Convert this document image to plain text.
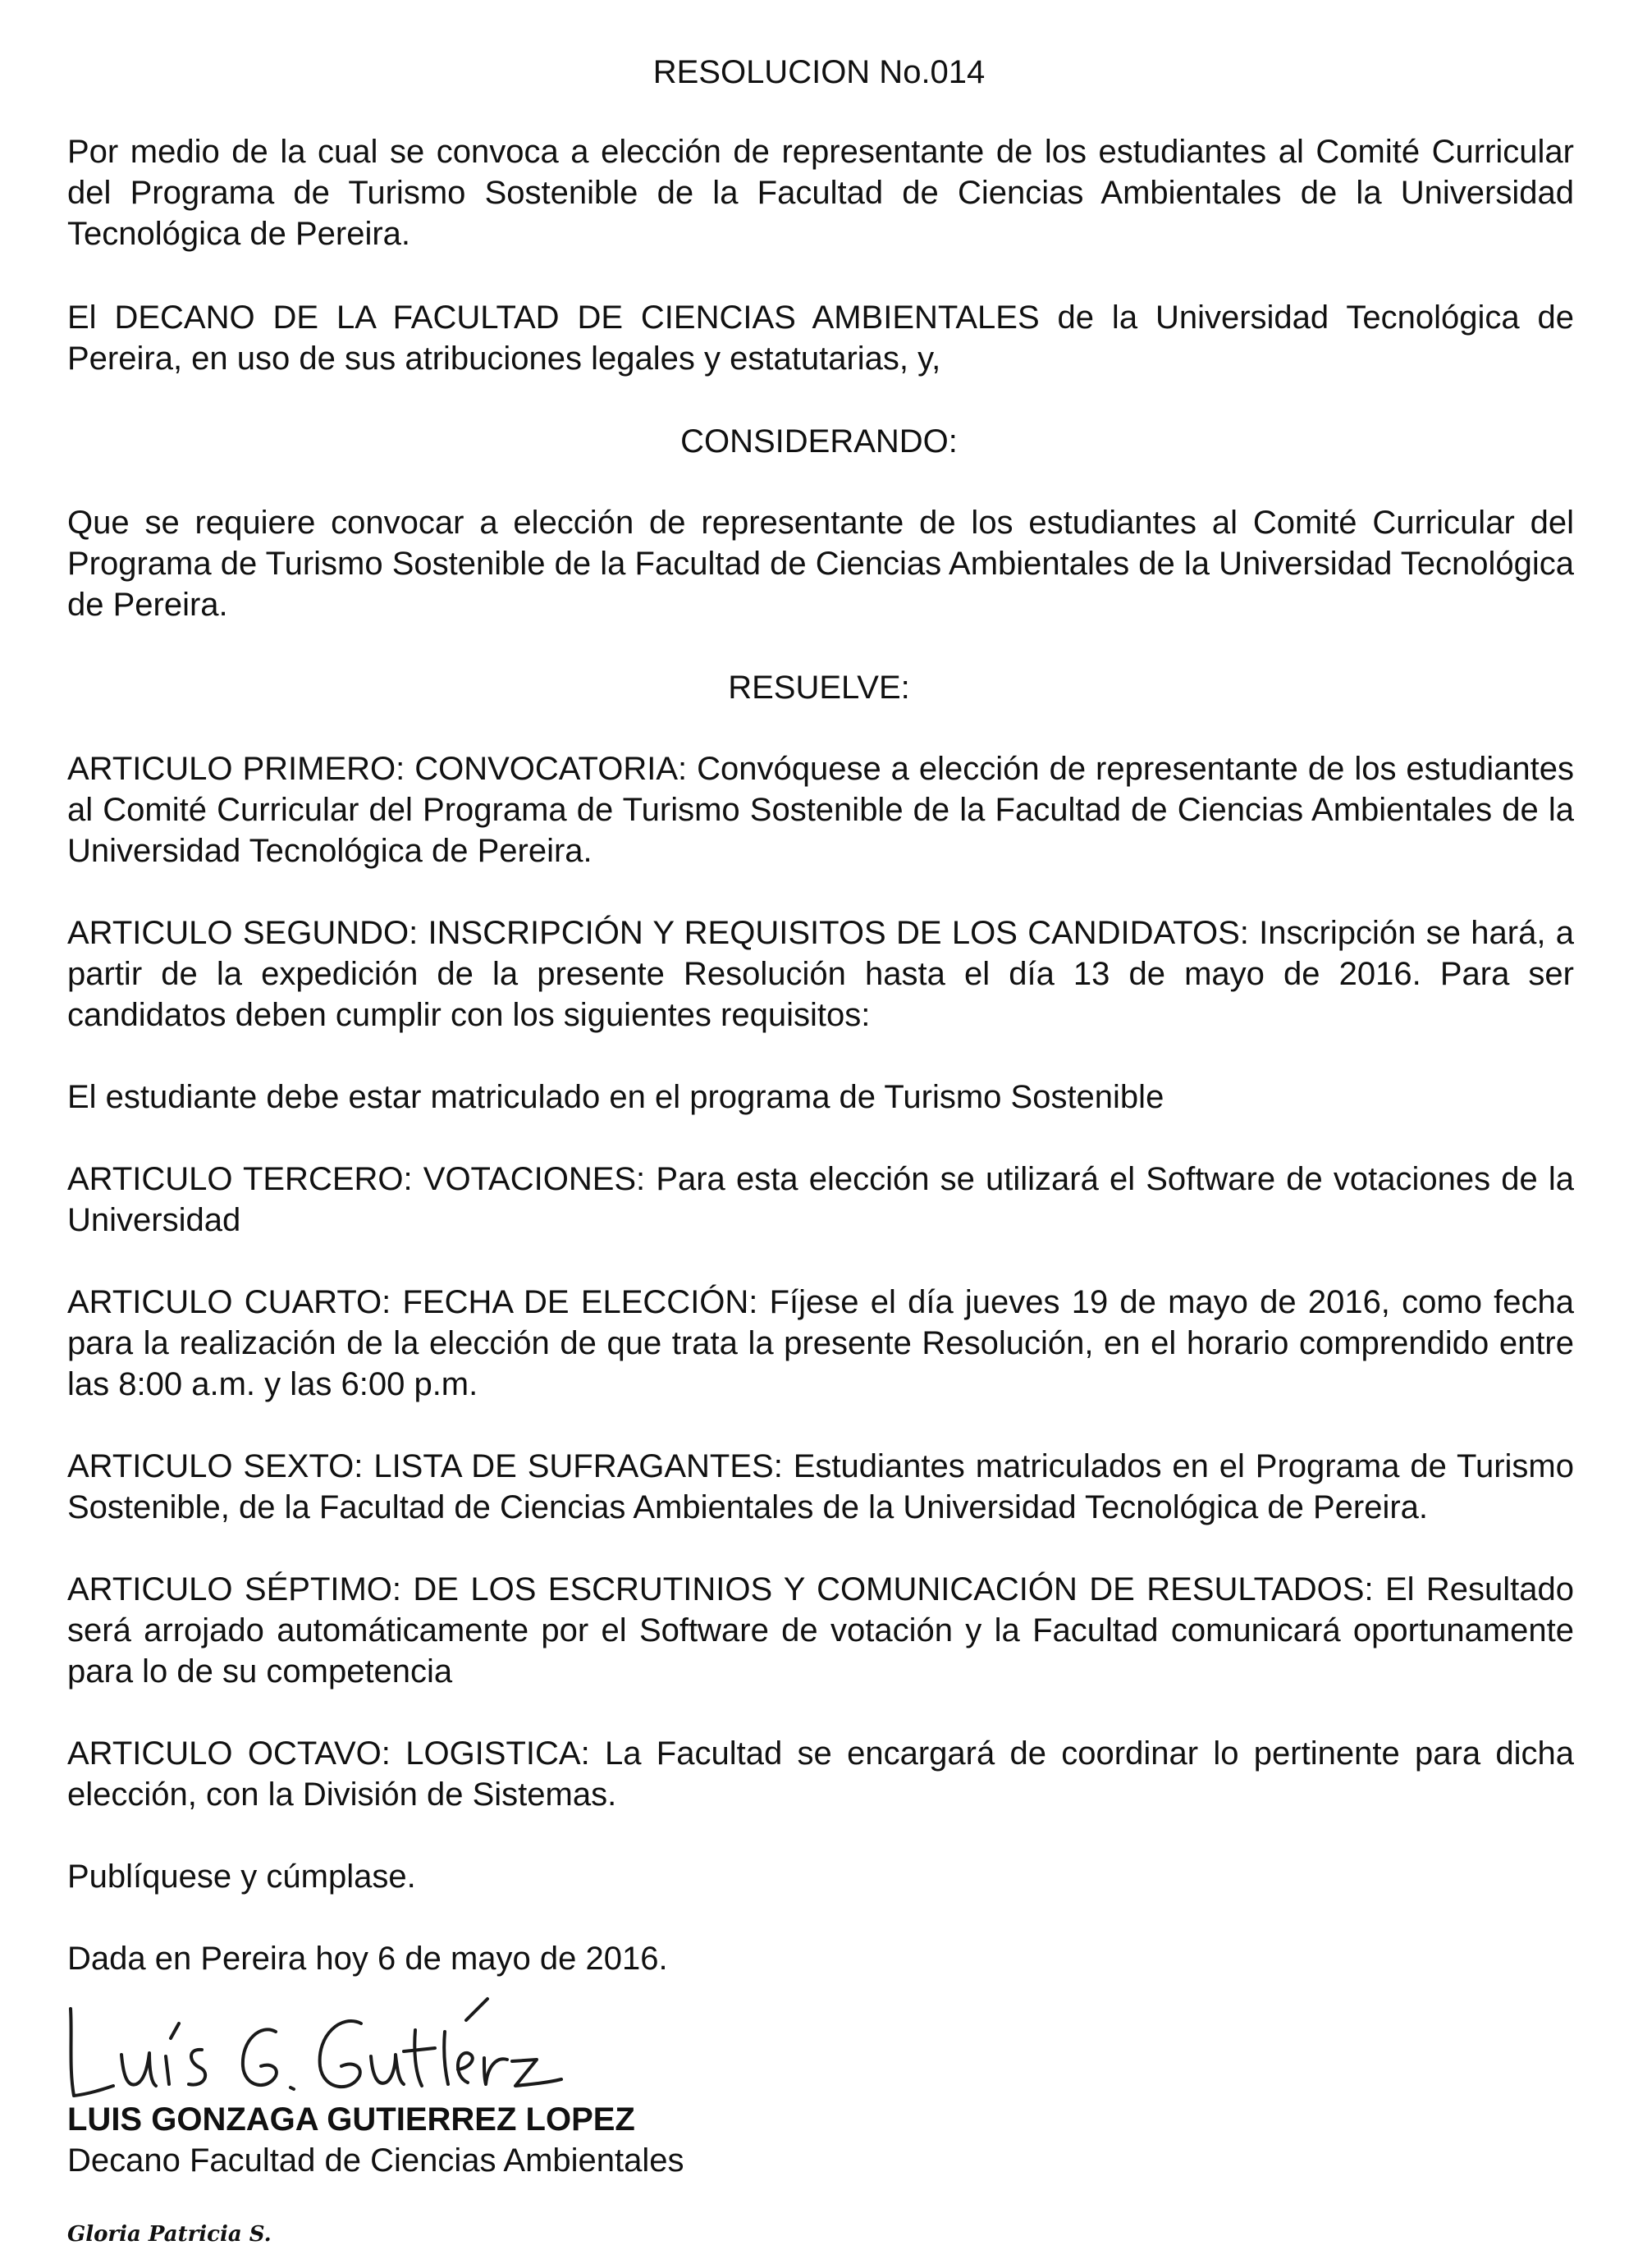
RESOLUCION No.014

Por medio de la cual se convoca a elección de representante de los estudiantes al Comité Curricular del Programa de Turismo Sostenible de la Facultad de Ciencias Ambientales de la Universidad Tecnológica de Pereira.

El DECANO DE LA FACULTAD DE CIENCIAS AMBIENTALES de la Universidad Tecnológica de Pereira, en uso de sus atribuciones legales y estatutarias, y,

CONSIDERANDO:

Que se requiere convocar a elección de representante de los estudiantes al Comité Curricular del Programa de Turismo Sostenible de la Facultad de Ciencias Ambientales de la Universidad Tecnológica de Pereira.

RESUELVE:

ARTICULO PRIMERO: CONVOCATORIA: Convóquese a elección de representante de los estudiantes al Comité Curricular del Programa de Turismo Sostenible de la Facultad de Ciencias Ambientales de la Universidad Tecnológica de Pereira.

ARTICULO SEGUNDO: INSCRIPCIÓN Y REQUISITOS DE LOS CANDIDATOS: Inscripción se hará, a partir de la expedición de la presente Resolución hasta el día 13 de mayo de 2016. Para ser candidatos deben cumplir con los siguientes requisitos:

El estudiante debe estar matriculado en el programa de Turismo Sostenible

ARTICULO TERCERO: VOTACIONES: Para esta elección se utilizará el Software de votaciones de la Universidad

ARTICULO CUARTO: FECHA DE ELECCIÓN: Fíjese el día jueves 19 de mayo de 2016, como fecha para la realización de la elección de que trata la presente Resolución, en el horario comprendido entre las 8:00 a.m. y las 6:00 p.m.

ARTICULO SEXTO: LISTA DE SUFRAGANTES: Estudiantes matriculados en el Programa de Turismo Sostenible, de la Facultad de Ciencias Ambientales de la Universidad Tecnológica de Pereira.

ARTICULO SÉPTIMO: DE LOS ESCRUTINIOS Y COMUNICACIÓN DE RESULTADOS: El Resultado será arrojado automáticamente por el Software de votación y la Facultad comunicará oportunamente para lo de su competencia

ARTICULO OCTAVO: LOGISTICA: La Facultad se encargará de coordinar lo pertinente para dicha elección, con la División de Sistemas.

Publíquese y cúmplase.

Dada en Pereira hoy 6 de mayo de 2016.

LUIS GONZAGA GUTIERREZ LOPEZ

Decano Facultad de Ciencias Ambientales

Gloria Patricia S.
